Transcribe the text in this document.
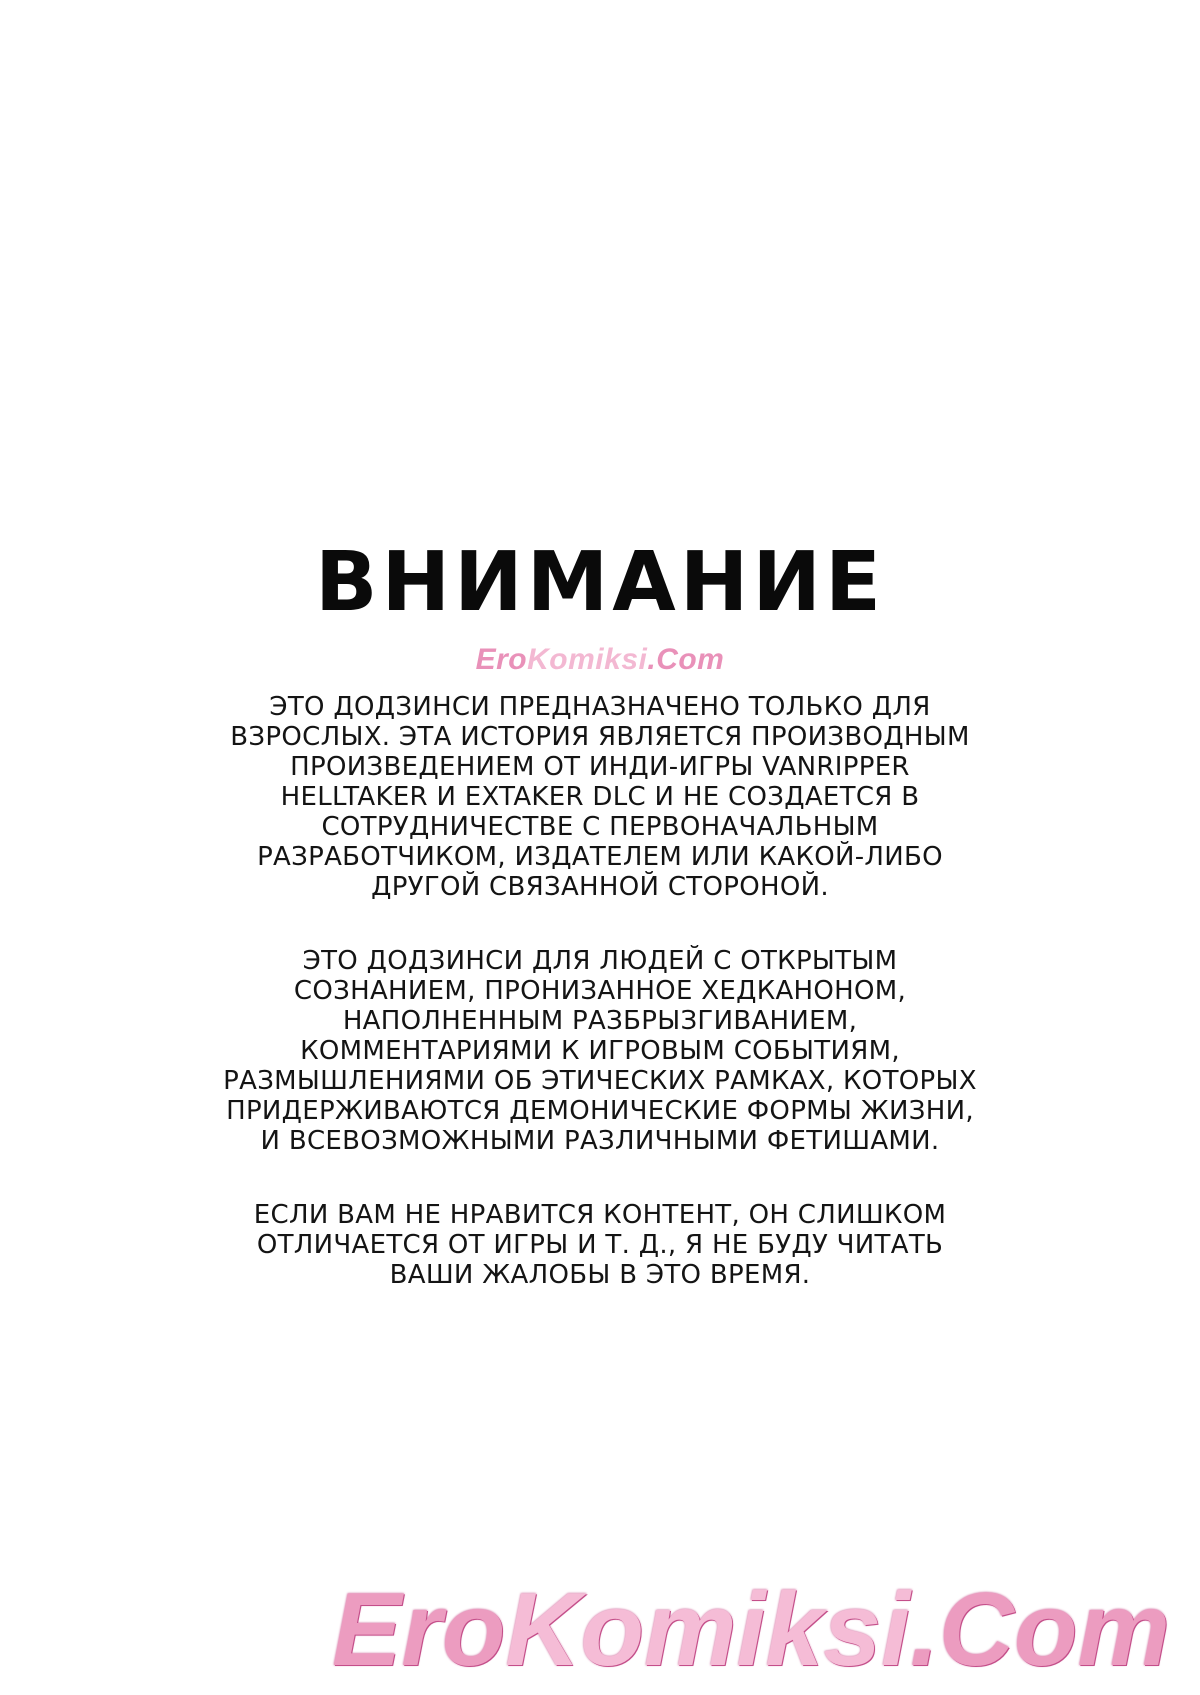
ВНИМАНИЕ
EroKomiksi.Com
ЭТО ДОДЗИНСИ ПРЕДНАЗНАЧЕНО ТОЛЬКО ДЛЯ
ВЗРОСЛЫХ. ЭТА ИСТОРИЯ ЯВЛЯЕТСЯ ПРОИЗВОДНЫМ
ПРОИЗВЕДЕНИЕМ ОТ ИНДИ-ИГРЫ VANRIPPER
HELLTAKER И EXTAKER DLC И НЕ СОЗДАЕТСЯ В
СОТРУДНИЧЕСТВЕ С ПЕРВОНАЧАЛЬНЫМ
РАЗРАБОТЧИКОМ, ИЗДАТЕЛЕМ ИЛИ КАКОЙ-ЛИБО
ДРУГОЙ СВЯЗАННОЙ СТОРОНОЙ.
ЭТО ДОДЗИНСИ ДЛЯ ЛЮДЕЙ С ОТКРЫТЫМ
СОЗНАНИЕМ, ПРОНИЗАННОЕ ХЕДКАНОНОМ,
НАПОЛНЕННЫМ РАЗБРЫЗГИВАНИЕМ,
КОММЕНТАРИЯМИ К ИГРОВЫМ СОБЫТИЯМ,
РАЗМЫШЛЕНИЯМИ ОБ ЭТИЧЕСКИХ РАМКАХ, КОТОРЫХ
ПРИДЕРЖИВАЮТСЯ ДЕМОНИЧЕСКИЕ ФОРМЫ ЖИЗНИ,
И ВСЕВОЗМОЖНЫМИ РАЗЛИЧНЫМИ ФЕТИШАМИ.
ЕСЛИ ВАМ НЕ НРАВИТСЯ КОНТЕНТ, ОН СЛИШКОМ
ОТЛИЧАЕТСЯ ОТ ИГРЫ И Т. Д., Я НЕ БУДУ ЧИТАТЬ
ВАШИ ЖАЛОБЫ В ЭТО ВРЕМЯ.
EroKomiksi.Com
